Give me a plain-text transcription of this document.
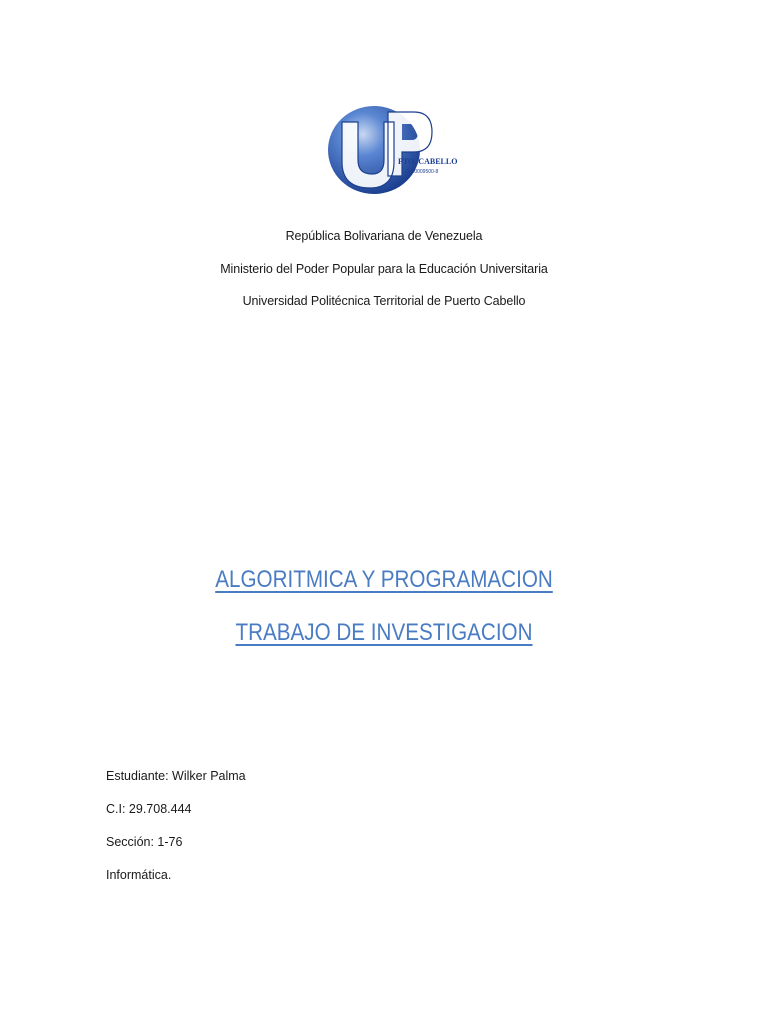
PTO. CABELLO
G-20009500-8
República Bolivariana de Venezuela
Ministerio del Poder Popular para la Educación Universitaria
Universidad Politécnica Territorial de Puerto Cabello
ALGORITMICA Y PROGRAMACION
TRABAJO DE INVESTIGACION
Estudiante: Wilker Palma
C.I: 29.708.444
Sección: 1-76
Informática.
